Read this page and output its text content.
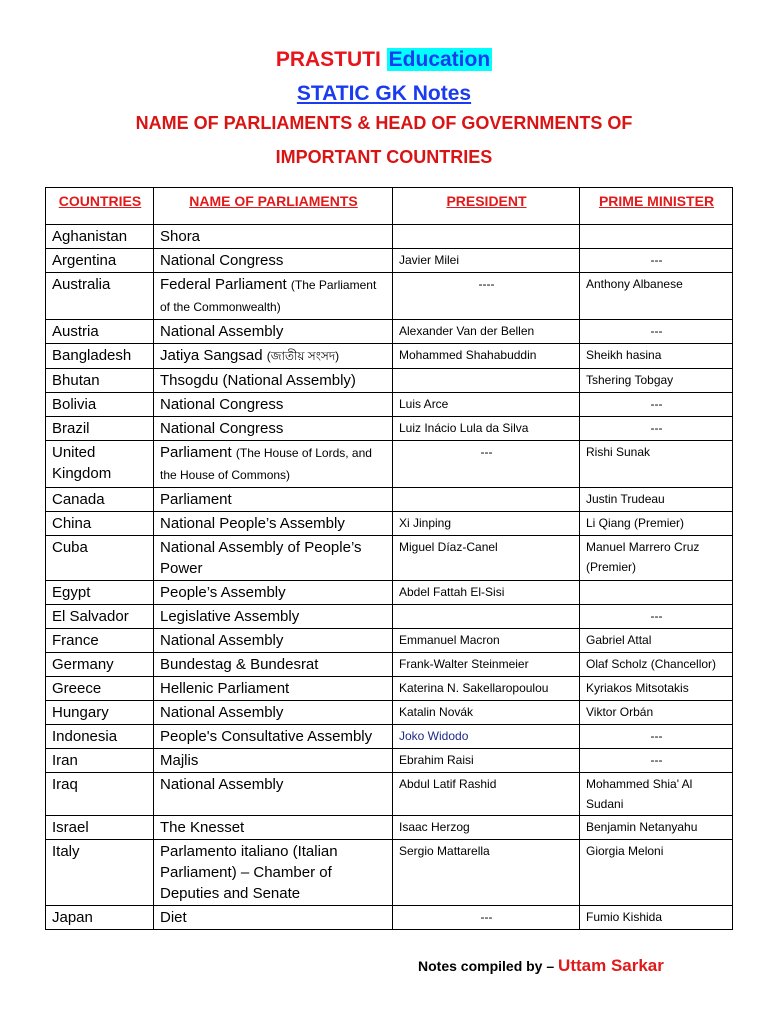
PRASTUTI Education
STATIC GK Notes
NAME OF PARLIAMENTS & HEAD OF GOVERNMENTS OF
IMPORTANT COUNTRIES
COUNTRIES	NAME OF PARLIAMENTS	PRESIDENT	PRIME MINISTER
Aghanistan	Shora		
Argentina	National Congress	Javier Milei	---
Australia	Federal Parliament (The Parliament of the Commonwealth)	----	Anthony Albanese
Austria	National Assembly	Alexander Van der Bellen	---
Bangladesh	Jatiya Sangsad (জাতীয় সংসদ)	Mohammed Shahabuddin	Sheikh hasina
Bhutan	Thsogdu (National Assembly)		Tshering Tobgay
Bolivia	National Congress	Luis Arce	---
Brazil	National Congress	Luiz Inácio Lula da Silva	---
United Kingdom	Parliament (The House of Lords, and the House of Commons)	---	Rishi Sunak
Canada	Parliament		Justin Trudeau
China	National People’s Assembly	Xi Jinping	Li Qiang (Premier)
Cuba	National Assembly of People’s Power	Miguel Díaz-Canel	Manuel Marrero Cruz (Premier)
Egypt	People’s Assembly	Abdel Fattah El-Sisi	
El Salvador	Legislative Assembly		---
France	National Assembly	Emmanuel Macron	Gabriel Attal
Germany	Bundestag & Bundesrat	Frank-Walter Steinmeier	Olaf Scholz (Chancellor)
Greece	Hellenic Parliament	Katerina N. Sakellaropoulou	Kyriakos Mitsotakis
Hungary	National Assembly	Katalin Novák	Viktor Orbán
Indonesia	People's Consultative Assembly	Joko Widodo	---
Iran	Majlis	Ebrahim Raisi	---
Iraq	National Assembly	Abdul Latif Rashid	Mohammed Shia' Al Sudani
Israel	The Knesset	Isaac Herzog	Benjamin Netanyahu
Italy	Parlamento italiano (Italian Parliament) – Chamber of Deputies and Senate	Sergio Mattarella	Giorgia Meloni
Japan	Diet	---	Fumio Kishida
Notes compiled by – Uttam Sarkar
